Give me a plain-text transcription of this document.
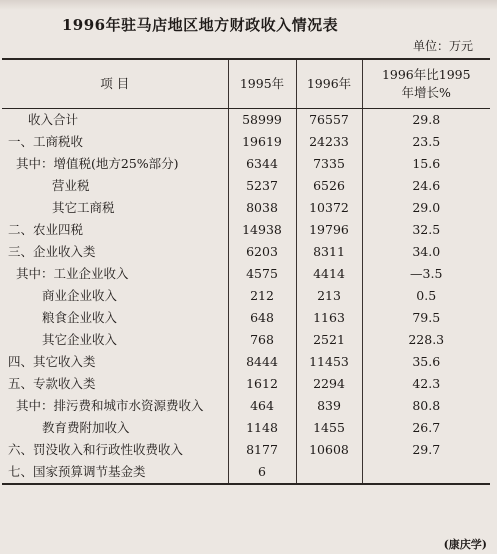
1996年驻马店地区地方财政收入情况表
单位：万元
项 目	1995年	1996年	1996年比1995
年增长%

收入合计	58999	76557	29.8
一、工商税收	19619	24233	23.5
其中：增值税(地方25%部分)	6344	7335	15.6
营业税	5237	6526	24.6
其它工商税	8038	10372	29.0
二、农业四税	14938	19796	32.5
三、企业收入类	6203	8311	34.0
其中：工业企业收入	4575	4414	—3.5
商业企业收入	212	213	0.5
粮食企业收入	648	1163	79.5
其它企业收入	768	2521	228.3
四、其它收入类	8444	11453	35.6
五、专款收入类	1612	2294	42.3
其中：排污费和城市水资源费收入	464	839	80.8
教育费附加收入	1148	1455	26.7
六、罚没收入和行政性收费收入	8177	10608	29.7
七、国家预算调节基金类	6		
(康庆学)
